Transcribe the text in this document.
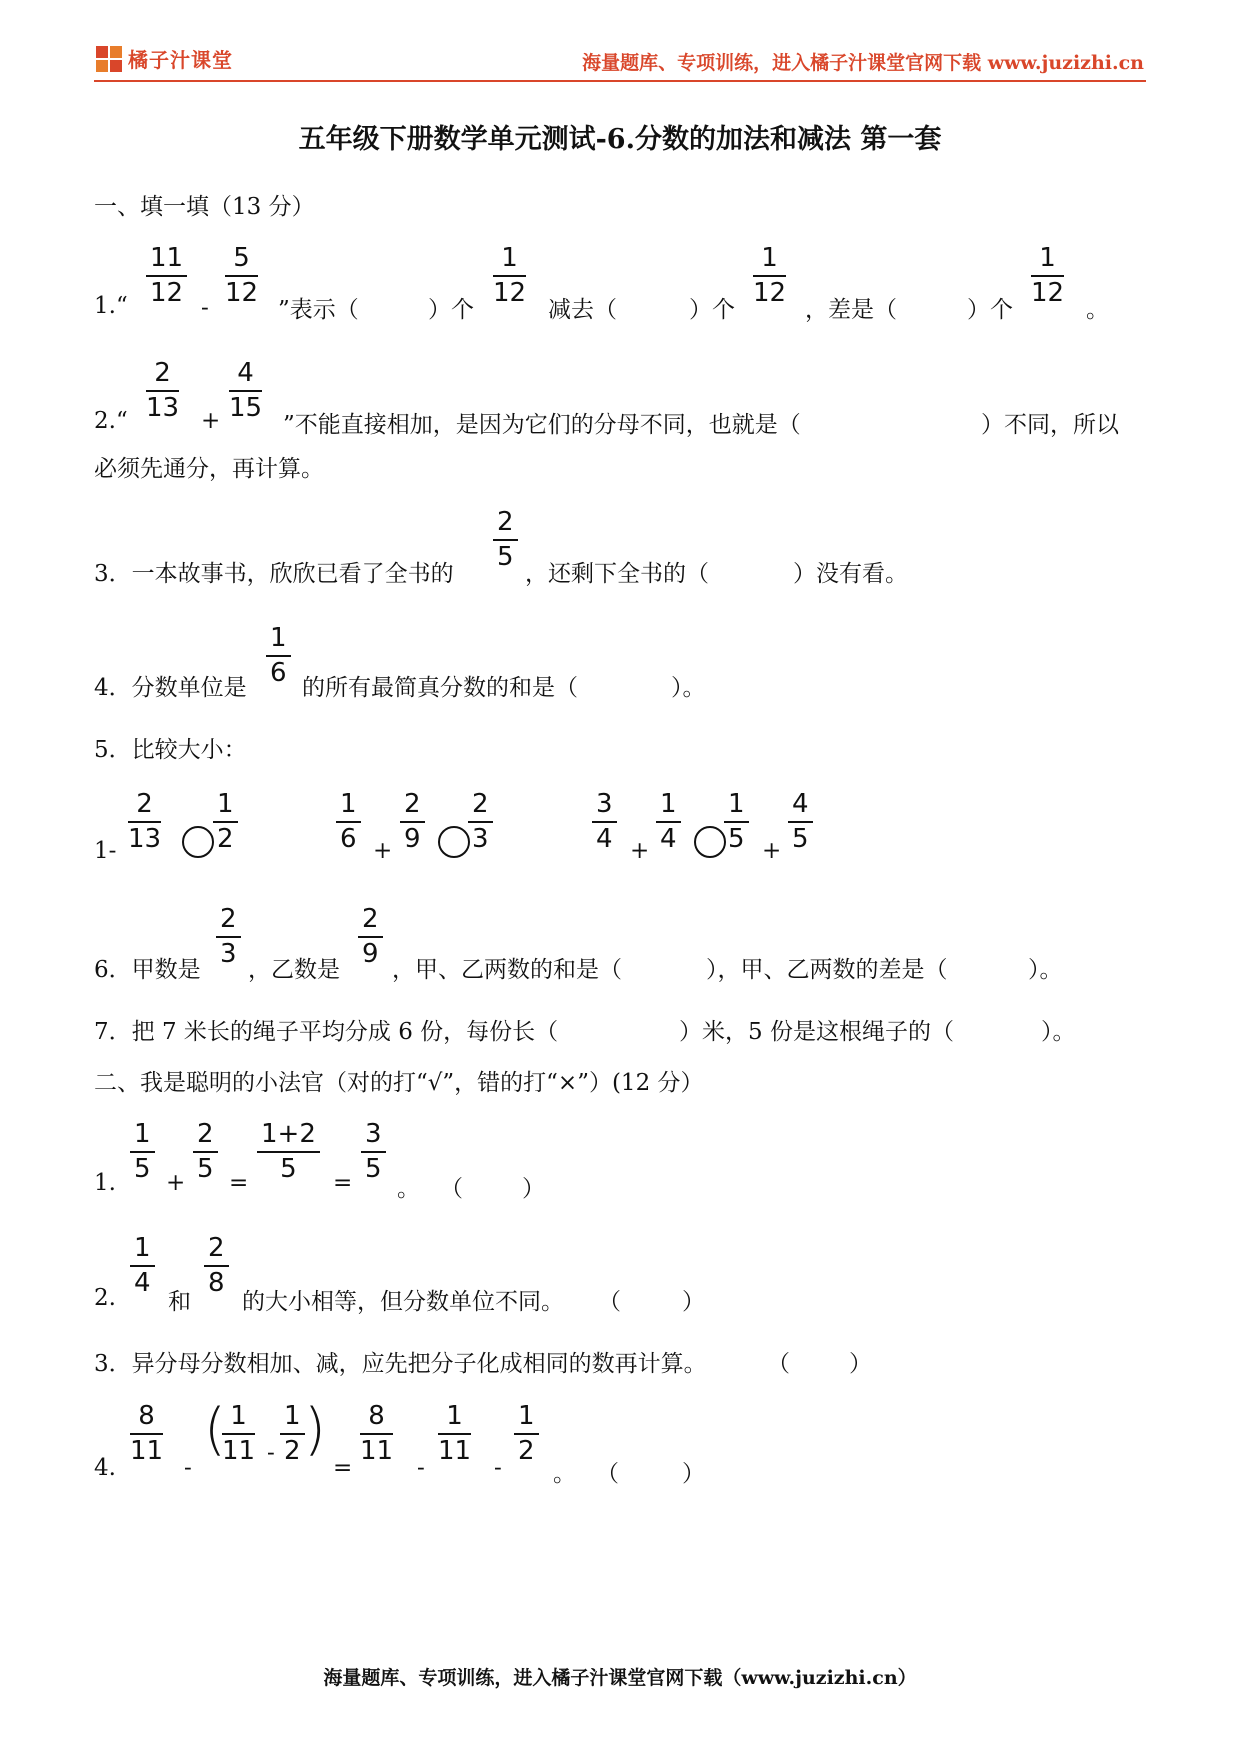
橘子汁课堂	海量题库、专项训练，进入橘子汁课堂官网下载 www.juzizhi.cn
五年级下册数学单元测试-6.分数的加法和减法 第一套
一、填一填（13 分）
1.“
11
12 -
5
12
”表示（	）个
1
12
减去（	）个
1
12
，差是（	）个
1
12
。
2.“
2
13 +
4
15
”不能直接相加，是因为它们的分母不同，也就是（	）不同，所以
必须先通分，再计算。
3．一本故事书，欣欣已看了全书的
2
5
，还剩下全书的（	）没有看。
4．分数单位是
1
6 的所有最简真分数的和是（	）。
5．比较大小：
1-
2
13
1
2
1
6 +
2
9
2
3
3
4 +
1
4
1
5 +
4
5
6．甲数是
2
3
，乙数是
2
9
，甲、乙两数的和是（	），甲、乙两数的差是（	）。
7．把 7 米长的绳子平均分成 6 份，每份长（	）米，5 份是这根绳子的（	）。
二、我是聪明的小法官（对的打“√”，错的打“×”）(12 分）
1.
1
5 +
2
5 =
1+2
5 =
3
5
。 （	）
2.
1
4
和
2
8
的大小相等，但分数单位不同。 （	）
3．异分母分数相加、减，应先把分子化成相同的数再计算。	（	）
4.
8
11
-
( 1
11 -
1
2 )
=
8
11
-
1
11
-
1
2
。 （	）
海量题库、专项训练，进入橘子汁课堂官网下载（www.juzizhi.cn）
